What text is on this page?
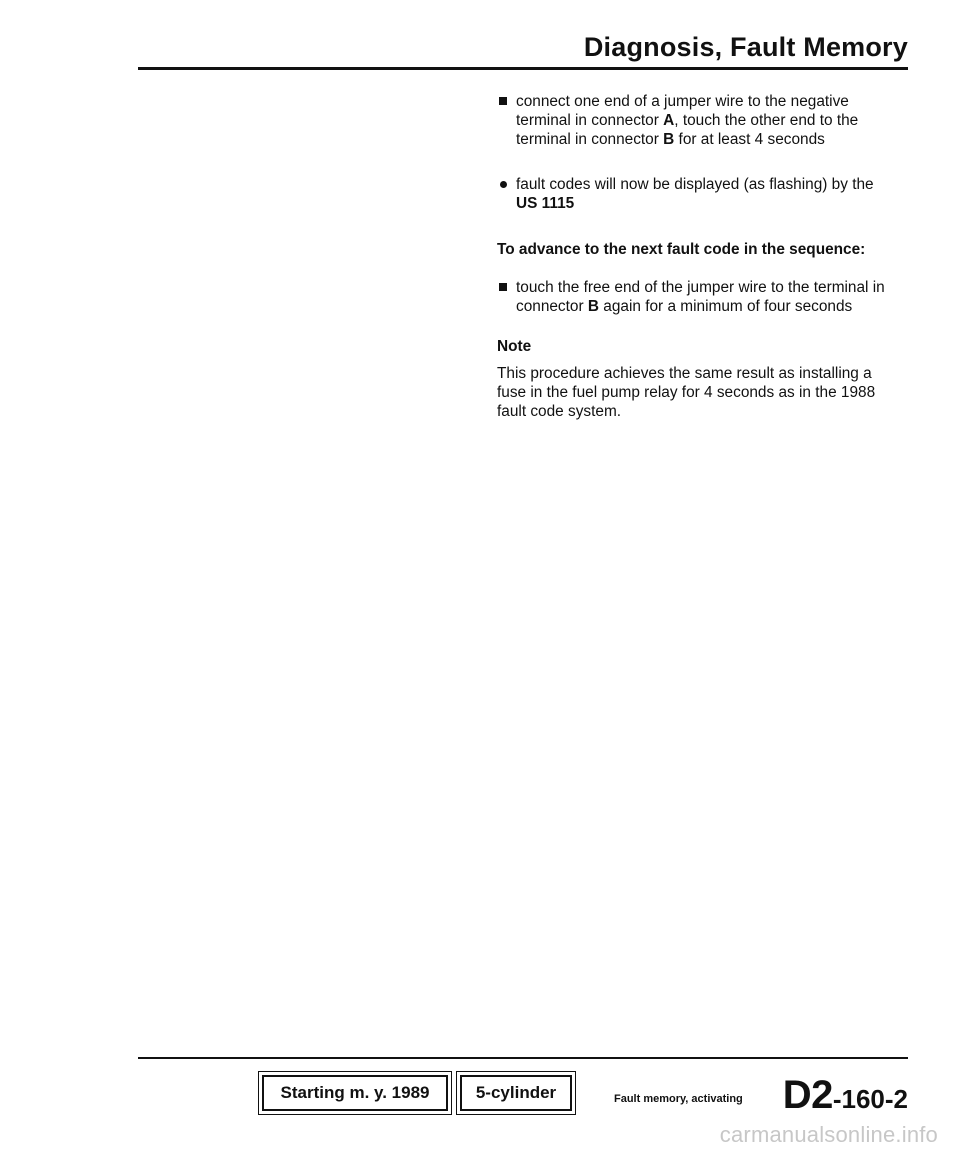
Diagnosis, Fault Memory

connect one end of a jumper wire to the negative terminal in connector A, touch the other end to the terminal in connector B for at least 4 seconds

fault codes will now be displayed (as flashing) by the US 1115

To advance to the next fault code in the sequence:

touch the free end of the jumper wire to the terminal in connector B again for a minimum of four seconds

Note

This procedure achieves the same result as installing a fuse in the fuel pump relay for 4 seconds as in the 1988 fault code system.

Starting m. y. 1989	5-cylinder	Fault memory, activating D2-160-2
carmanualsonline.info
